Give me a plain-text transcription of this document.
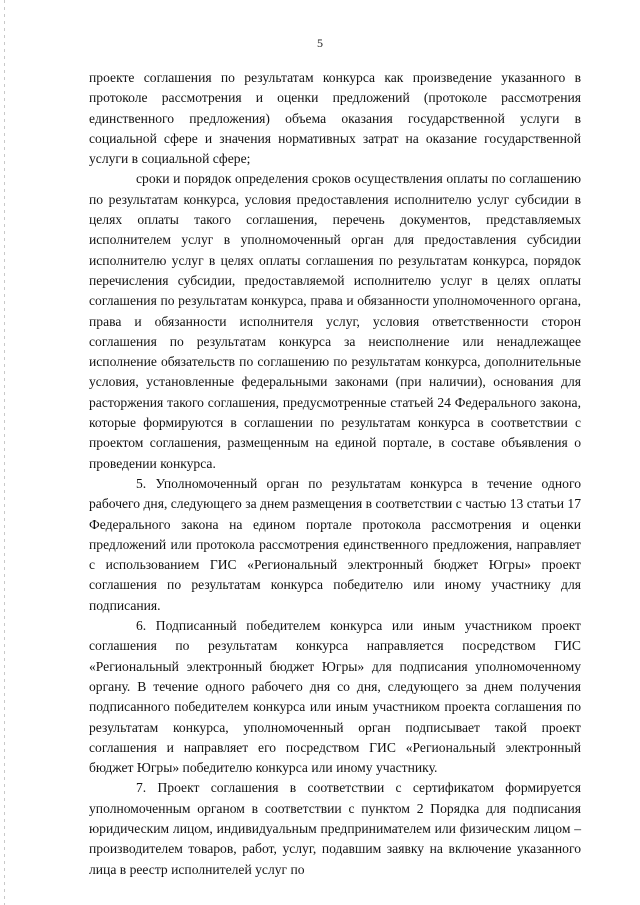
5

проекте соглашения по результатам конкурса как произведение указанного в протоколе рассмотрения и оценки предложений (протоколе рассмотрения единственного предложения) объема оказания государственной услуги в социальной сфере и значения нормативных затрат на оказание государственной услуги в социальной сфере;

сроки и порядок определения сроков осуществления оплаты по соглашению по результатам конкурса, условия предоставления исполнителю услуг субсидии в целях оплаты такого соглашения, перечень документов, представляемых исполнителем услуг в уполномоченный орган для предоставления субсидии исполнителю услуг в целях оплаты соглашения по результатам конкурса, порядок перечисления субсидии, предоставляемой исполнителю услуг в целях оплаты соглашения по результатам конкурса, права и обязанности уполномоченного органа, права и обязанности исполнителя услуг, условия ответственности сторон соглашения по результатам конкурса за неисполнение или ненадлежащее исполнение обязательств по соглашению по результатам конкурса, дополнительные условия, установленные федеральными законами (при наличии), основания для расторжения такого соглашения, предусмотренные статьей 24 Федерального закона, которые формируются в соглашении по результатам конкурса в соответствии с проектом соглашения, размещенным на единой портале, в составе объявления о проведении конкурса.

5. Уполномоченный орган по результатам конкурса в течение одного рабочего дня, следующего за днем размещения в соответствии с частью 13 статьи 17 Федерального закона на едином портале протокола рассмотрения и оценки предложений или протокола рассмотрения единственного предложения, направляет с использованием ГИС «Региональный электронный бюджет Югры» проект соглашения по результатам конкурса победителю или иному участнику для подписания.

6. Подписанный победителем конкурса или иным участником проект соглашения по результатам конкурса направляется посредством ГИС «Региональный электронный бюджет Югры» для подписания уполномоченному органу. В течение одного рабочего дня со дня, следующего за днем получения подписанного победителем конкурса или иным участником проекта соглашения по результатам конкурса, уполномоченный орган подписывает такой проект соглашения и направляет его посредством ГИС «Региональный электронный бюджет Югры» победителю конкурса или иному участнику.

7. Проект соглашения в соответствии с сертификатом формируется уполномоченным органом в соответствии с пунктом 2 Порядка для подписания юридическим лицом, индивидуальным предпринимателем или физическим лицом – производителем товаров, работ, услуг, подавшим заявку на включение указанного лица в реестр исполнителей услуг по
